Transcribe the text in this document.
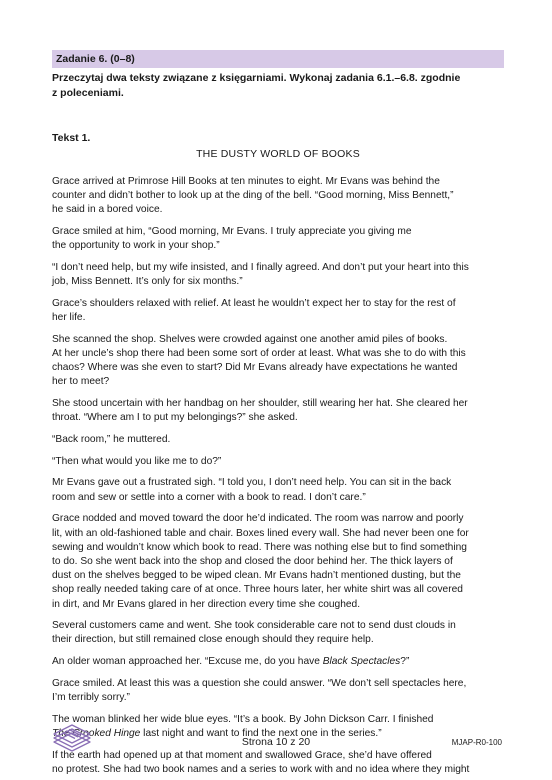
Zadanie 6. (0–8)
Przeczytaj dwa teksty związane z księgarniami. Wykonaj zadania 6.1.–6.8. zgodnie
z poleceniami.
Tekst 1.
THE DUSTY WORLD OF BOOKS
Grace arrived at Primrose Hill Books at ten minutes to eight. Mr Evans was behind the
counter and didn’t bother to look up at the ding of the bell. “Good morning, Miss Bennett,”
he said in a bored voice.
Grace smiled at him, “Good morning, Mr Evans. I truly appreciate you giving me
the opportunity to work in your shop.”
“I don’t need help, but my wife insisted, and I finally agreed. And don’t put your heart into this
job, Miss Bennett. It’s only for six months.”
Grace’s shoulders relaxed with relief. At least he wouldn’t expect her to stay for the rest of
her life.
She scanned the shop. Shelves were crowded against one another amid piles of books.
At her uncle’s shop there had been some sort of order at least. What was she to do with this
chaos? Where was she even to start? Did Mr Evans already have expectations he wanted
her to meet?
She stood uncertain with her handbag on her shoulder, still wearing her hat. She cleared her
throat. “Where am I to put my belongings?” she asked.
“Back room,” he muttered.
“Then what would you like me to do?”
Mr Evans gave out a frustrated sigh. “I told you, I don’t need help. You can sit in the back
room and sew or settle into a corner with a book to read. I don’t care.”
Grace nodded and moved toward the door he’d indicated. The room was narrow and poorly
lit, with an old-fashioned table and chair. Boxes lined every wall. She had never been one for
sewing and wouldn’t know which book to read. There was nothing else but to find something
to do. So she went back into the shop and closed the door behind her. The thick layers of
dust on the shelves begged to be wiped clean. Mr Evans hadn’t mentioned dusting, but the
shop really needed taking care of at once. Three hours later, her white shirt was all covered
in dirt, and Mr Evans glared in her direction every time she coughed.
Several customers came and went. She took considerable care not to send dust clouds in
their direction, but still remained close enough should they require help.
An older woman approached her. “Excuse me, do you have Black Spectacles?”
Grace smiled. At least this was a question she could answer. “We don’t sell spectacles here,
I’m terribly sorry.”
The woman blinked her wide blue eyes. “It’s a book. By John Dickson Carr. I finished
The Crooked Hinge last night and want to find the next one in the series.”
If the earth had opened up at that moment and swallowed Grace, she’d have offered
no protest. She had two book names and a series to work with and no idea where they might
Strona 10 z 20	MJAP-R0-100
